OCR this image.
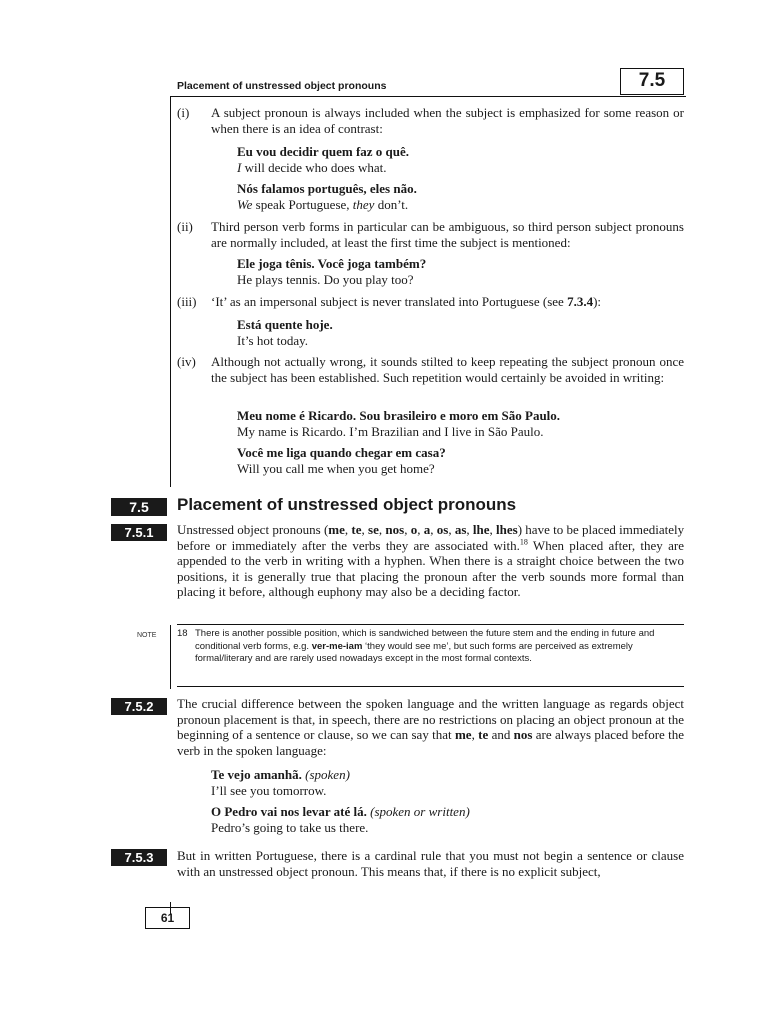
Placement of unstressed object pronouns	7.5
(i) A subject pronoun is always included when the subject is emphasized for some reason or when there is an idea of contrast:

Eu vou decidir quem faz o quê.
I will decide who does what.
Nós falamos português, eles não.
We speak Portuguese, they don’t.
(ii) Third person verb forms in particular can be ambiguous, so third person subject pronouns are normally included, at least the first time the subject is mentioned:

Ele joga tênis. Você joga também?
He plays tennis. Do you play too?
(iii) ‘It’ as an impersonal subject is never translated into Portuguese (see 7.3.4):

Está quente hoje.
It’s hot today.
(iv) Although not actually wrong, it sounds stilted to keep repeating the subject pronoun once the subject has been established. Such repetition would certainly be avoided in writing:

Meu nome é Ricardo. Sou brasileiro e moro em São Paulo.
My name is Ricardo. I’m Brazilian and I live in São Paulo.
Você me liga quando chegar em casa?
Will you call me when you get home?
7.5	Placement of unstressed object pronouns
7.5.1	Unstressed object pronouns (me, te, se, nos, o, a, os, as, lhe, lhes) have to be placed immediately before or immediately after the verbs they are associated with.$^{18}$ When placed after, they are appended to the verb in writing with a hyphen. When there is a straight choice between the two positions, it is generally true that placing the pronoun after the verb sounds more formal than placing it before, although euphony may also be a deciding factor.

NOTE 18 There is another possible position, which is sandwiched between the future stem and the ending in future and conditional verb forms, e.g. ver-me-iam ‘they would see me’, but such forms are perceived as extremely formal/literary and are rarely used nowadays except in the most formal contexts.

7.5.2	The crucial difference between the spoken language and the written language as regards object pronoun placement is that, in speech, there are no restrictions on placing an object pronoun at the beginning of a sentence or clause, so we can say that me, te and nos are always placed before the verb in the spoken language:

Te vejo amanhã. (spoken)
I’ll see you tomorrow.
O Pedro vai nos levar até lá. (spoken or written)
Pedro’s going to take us there.
7.5.3	But in written Portuguese, there is a cardinal rule that you must not begin a sentence or clause with an unstressed object pronoun. This means that, if there is no explicit subject,

61
